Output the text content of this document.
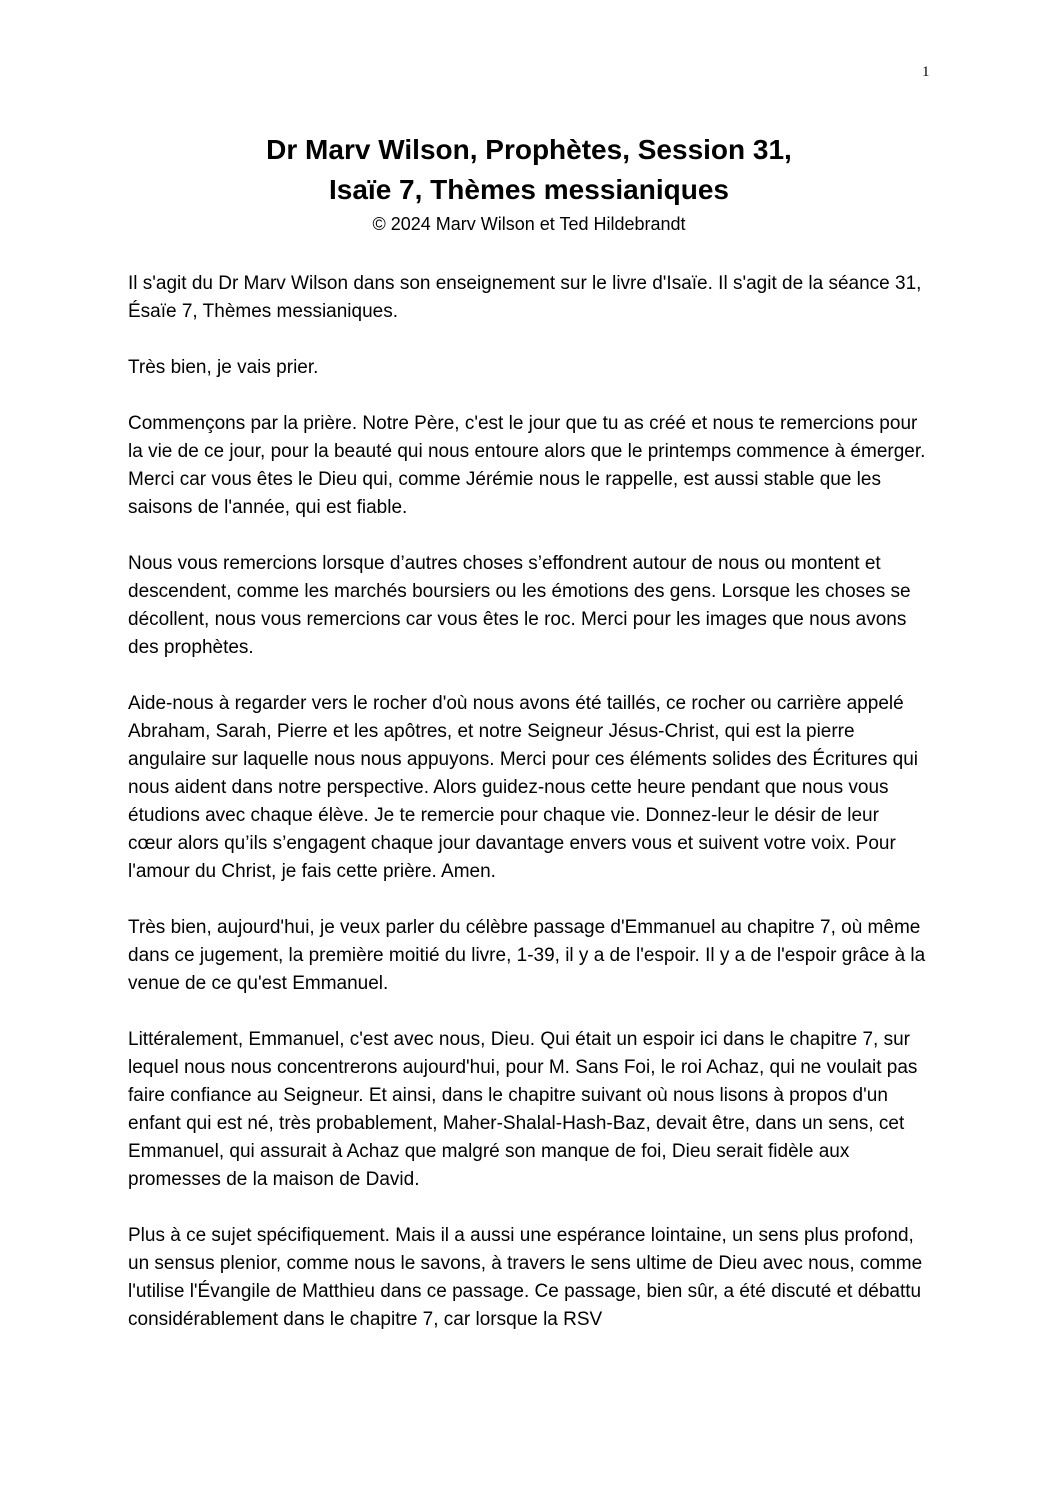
1
Dr Marv Wilson, Prophètes, Session 31,
Isaïe 7, Thèmes messianiques
© 2024 Marv Wilson et Ted Hildebrandt

Il s'agit du Dr Marv Wilson dans son enseignement sur le livre d'Isaïe. Il s'agit de la séance 31, Ésaïe 7, Thèmes messianiques.

Très bien, je vais prier.

Commençons par la prière. Notre Père, c'est le jour que tu as créé et nous te remercions pour la vie de ce jour, pour la beauté qui nous entoure alors que le printemps commence à émerger. Merci car vous êtes le Dieu qui, comme Jérémie nous le rappelle, est aussi stable que les saisons de l'année, qui est fiable.

Nous vous remercions lorsque d’autres choses s’effondrent autour de nous ou montent et descendent, comme les marchés boursiers ou les émotions des gens. Lorsque les choses se décollent, nous vous remercions car vous êtes le roc. Merci pour les images que nous avons des prophètes.

Aide-nous à regarder vers le rocher d'où nous avons été taillés, ce rocher ou carrière appelé Abraham, Sarah, Pierre et les apôtres, et notre Seigneur Jésus-Christ, qui est la pierre angulaire sur laquelle nous nous appuyons. Merci pour ces éléments solides des Écritures qui nous aident dans notre perspective. Alors guidez-nous cette heure pendant que nous vous étudions avec chaque élève. Je te remercie pour chaque vie. Donnez-leur le désir de leur cœur alors qu’ils s’engagent chaque jour davantage envers vous et suivent votre voix. Pour l'amour du Christ, je fais cette prière. Amen.

Très bien, aujourd'hui, je veux parler du célèbre passage d'Emmanuel au chapitre 7, où même dans ce jugement, la première moitié du livre, 1-39, il y a de l'espoir. Il y a de l'espoir grâce à la venue de ce qu'est Emmanuel.

Littéralement, Emmanuel, c'est avec nous, Dieu. Qui était un espoir ici dans le chapitre 7, sur lequel nous nous concentrerons aujourd'hui, pour M. Sans Foi, le roi Achaz, qui ne voulait pas faire confiance au Seigneur. Et ainsi, dans le chapitre suivant où nous lisons à propos d'un enfant qui est né, très probablement, Maher-Shalal-Hash-Baz, devait être, dans un sens, cet Emmanuel, qui assurait à Achaz que malgré son manque de foi, Dieu serait fidèle aux promesses de la maison de David.

Plus à ce sujet spécifiquement. Mais il a aussi une espérance lointaine, un sens plus profond, un sensus plenior, comme nous le savons, à travers le sens ultime de Dieu avec nous, comme l'utilise l'Évangile de Matthieu dans ce passage. Ce passage, bien sûr, a été discuté et débattu considérablement dans le chapitre 7, car lorsque la RSV
